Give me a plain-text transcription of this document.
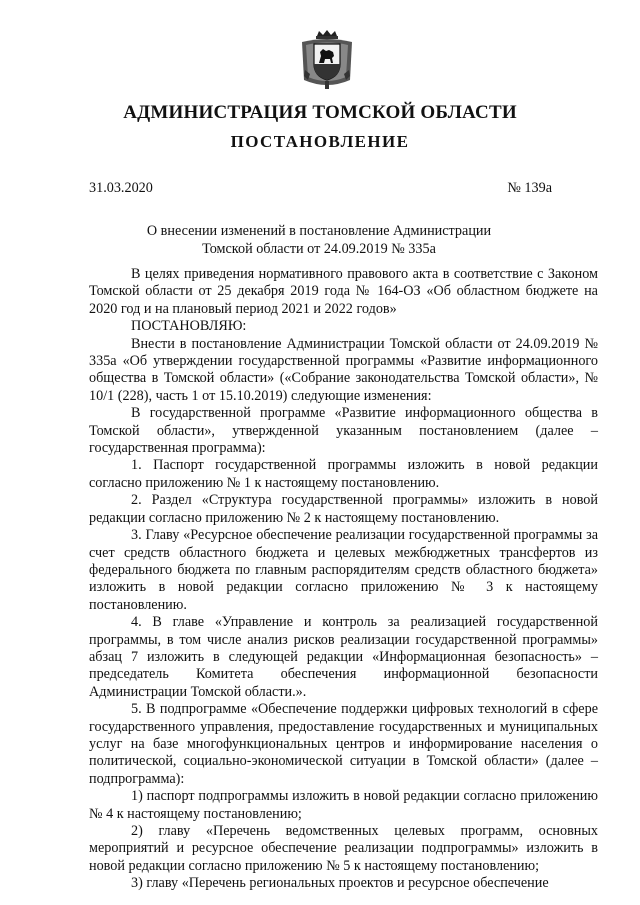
АДМИНИСТРАЦИЯ ТОМСКОЙ ОБЛАСТИ
ПОСТАНОВЛЕНИЕ
31.03.2020	№ 139а
О внесении изменений в постановление Администрации
Томской области от 24.09.2019 № 335а

В целях приведения нормативного правового акта в соответствие с Законом Томской области от 25 декабря 2019 года № 164-ОЗ «Об областном бюджете на 2020 год и на плановый период 2021 и 2022 годов»

ПОСТАНОВЛЯЮ:

Внести в постановление Администрации Томской области от 24.09.2019 № 335а «Об утверждении государственной программы «Развитие информационного общества в Томской области» («Собрание законодательства Томской области», № 10/1 (228), часть 1 от 15.10.2019) следующие изменения:

В государственной программе «Развитие информационного общества в Томской области», утвержденной указанным постановлением (далее – государственная программа):

1. Паспорт государственной программы изложить в новой редакции согласно приложению № 1 к настоящему постановлению.

2. Раздел «Структура государственной программы» изложить в новой редакции согласно приложению № 2 к настоящему постановлению.

3. Главу «Ресурсное обеспечение реализации государственной программы за счет средств областного бюджета и целевых межбюджетных трансфертов из федерального бюджета по главным распорядителям средств областного бюджета» изложить в новой редакции согласно приложению № 3 к настоящему постановлению.

4. В главе «Управление и контроль за реализацией государственной программы, в том числе анализ рисков реализации государственной программы» абзац 7 изложить в следующей редакции «Информационная безопасность» – председатель Комитета обеспечения информационной безопасности Администрации Томской области.».

5. В подпрограмме «Обеспечение поддержки цифровых технологий в сфере государственного управления, предоставление государственных и муниципальных услуг на базе многофункциональных центров и информирование населения о политической, социально-экономической ситуации в Томской области» (далее – подпрограмма):

1) паспорт подпрограммы изложить в новой редакции согласно приложению № 4 к настоящему постановлению;

2) главу «Перечень ведомственных целевых программ, основных мероприятий и ресурсное обеспечение реализации подпрограммы» изложить в новой редакции согласно приложению № 5 к настоящему постановлению;

3) главу «Перечень региональных проектов и ресурсное обеспечение
